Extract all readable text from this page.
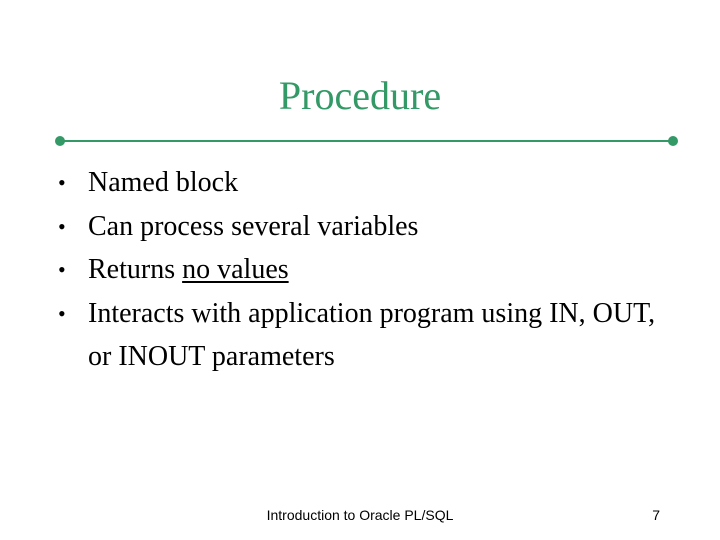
Procedure
• Named block
• Can process several variables
• Returns no values
• Interacts with application program using IN, OUT, or INOUT parameters
Introduction to Oracle PL/SQL	7
